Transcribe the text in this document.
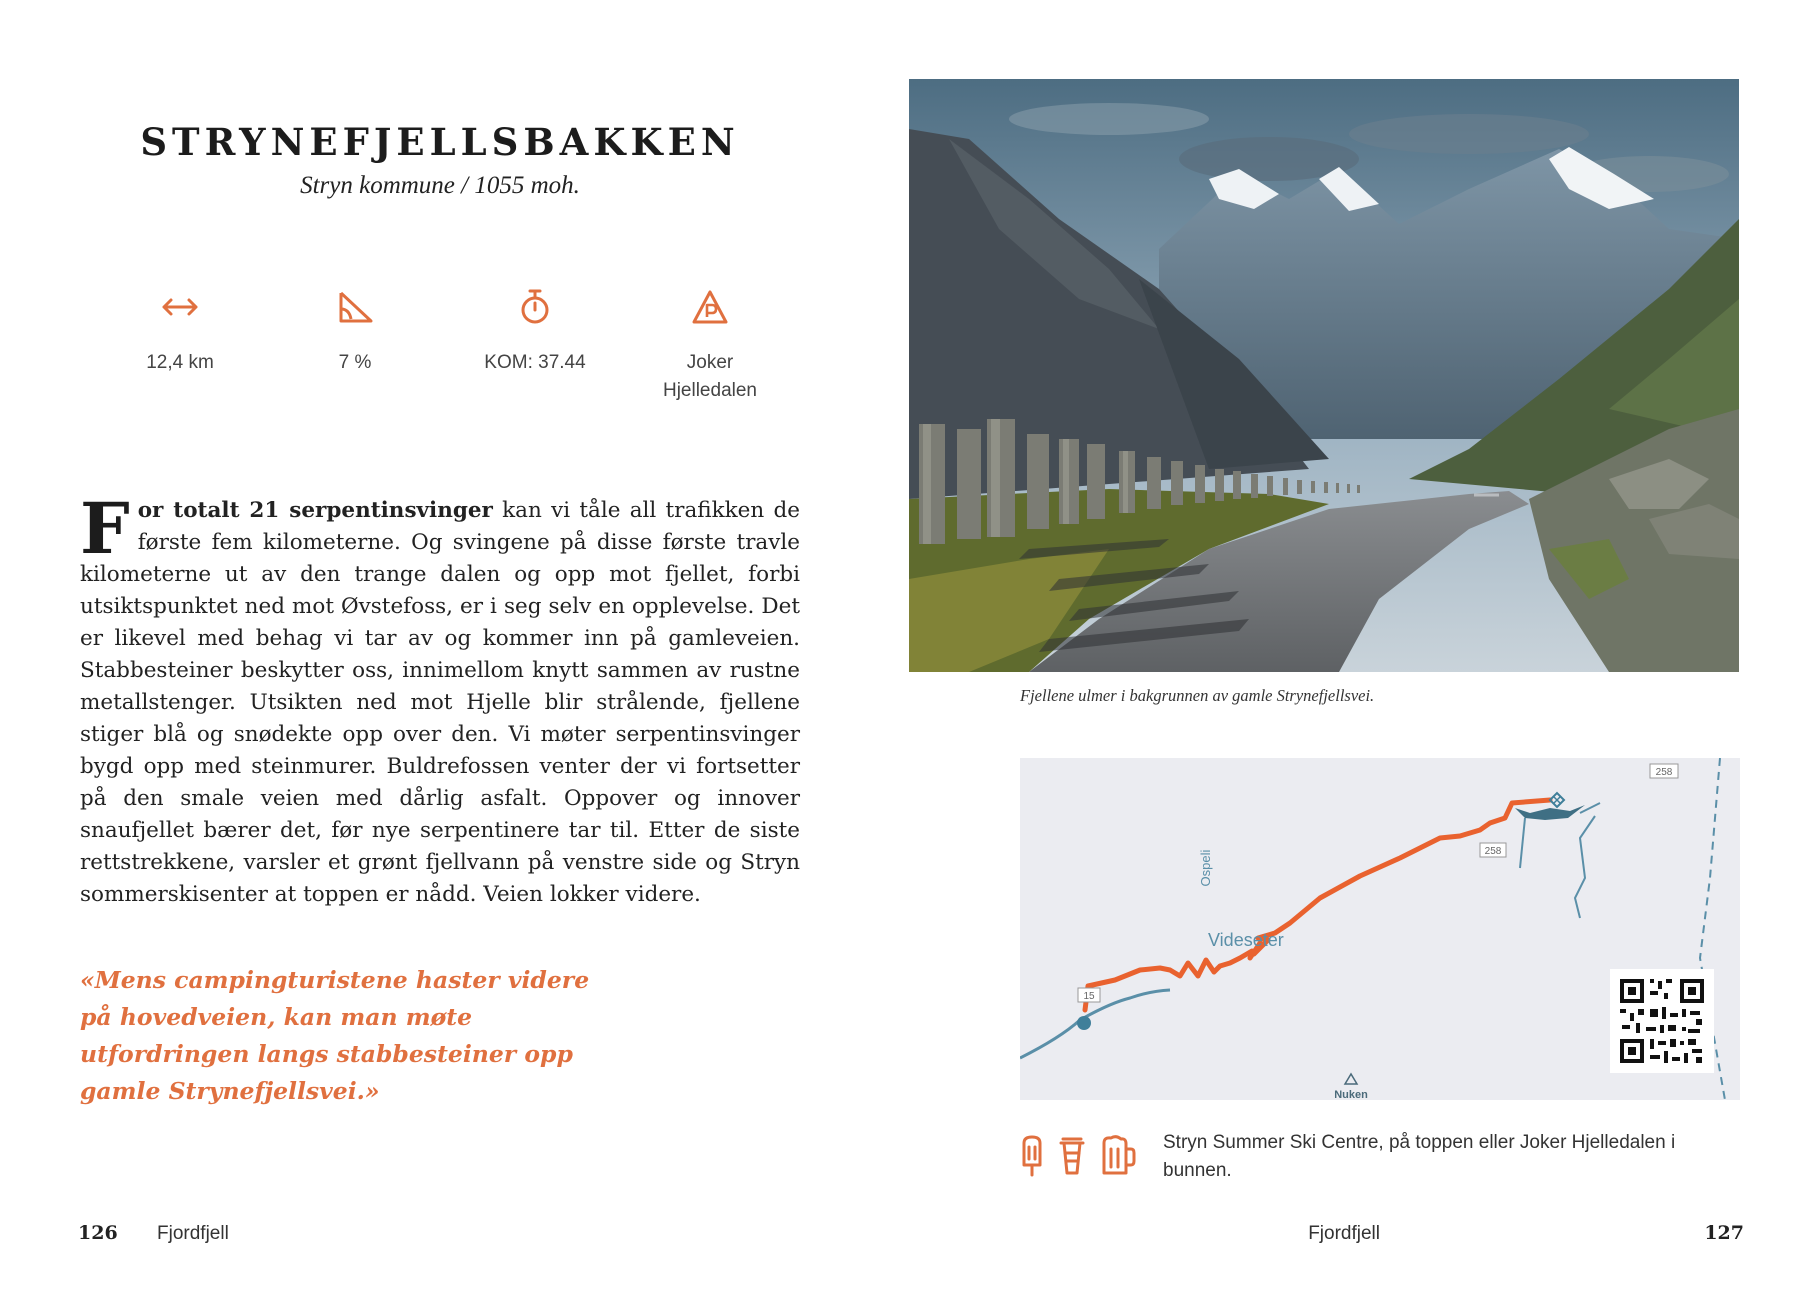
STRYNEFJELLSBAKKEN
Stryn kommune / 1055 moh.
12,4 km	7 %	KOM: 37.44	Joker
Hjelledalen
For totalt 21 serpentinsvinger kan vi tåle all trafikken de første fem kilometerne. Og svingene på disse første travle kilometerne ut av den trange dalen og opp mot fjellet, forbi utsiktspunktet ned mot Øvstefoss, er i seg selv en opplevelse. Det er likevel med behag vi tar av og kommer inn på gamleveien. Stabbesteiner beskytter oss, innimellom knytt sammen av rustne metallstenger. Utsikten ned mot Hjelle blir strålende, fjellene stiger blå og snødekte opp over den. Vi møter serpentinsvinger bygd opp med steinmurer. Buldrefossen venter der vi fortsetter på den smale veien med dårlig asfalt. Oppover og innover snaufjellet bærer det, før nye serpentinere tar til. Etter de siste rettstrekkene, varsler et grønt fjellvann på venstre side og Stryn sommerskisenter at toppen er nådd. Veien lokker videre.
«Mens campingturistene haster videre på hovedveien, kan man møte utfordringen langs stabbesteiner opp gamle Strynefjellsvei.»
126 Fjordfjell
Fjellene ulmer i bakgrunnen av gamle Strynefjellsvei.
258
258
15
Ospeli
Videseter
Nuken
Stryn Summer Ski Centre, på toppen eller Joker Hjelledalen i bunnen.
Fjordfjell	127
